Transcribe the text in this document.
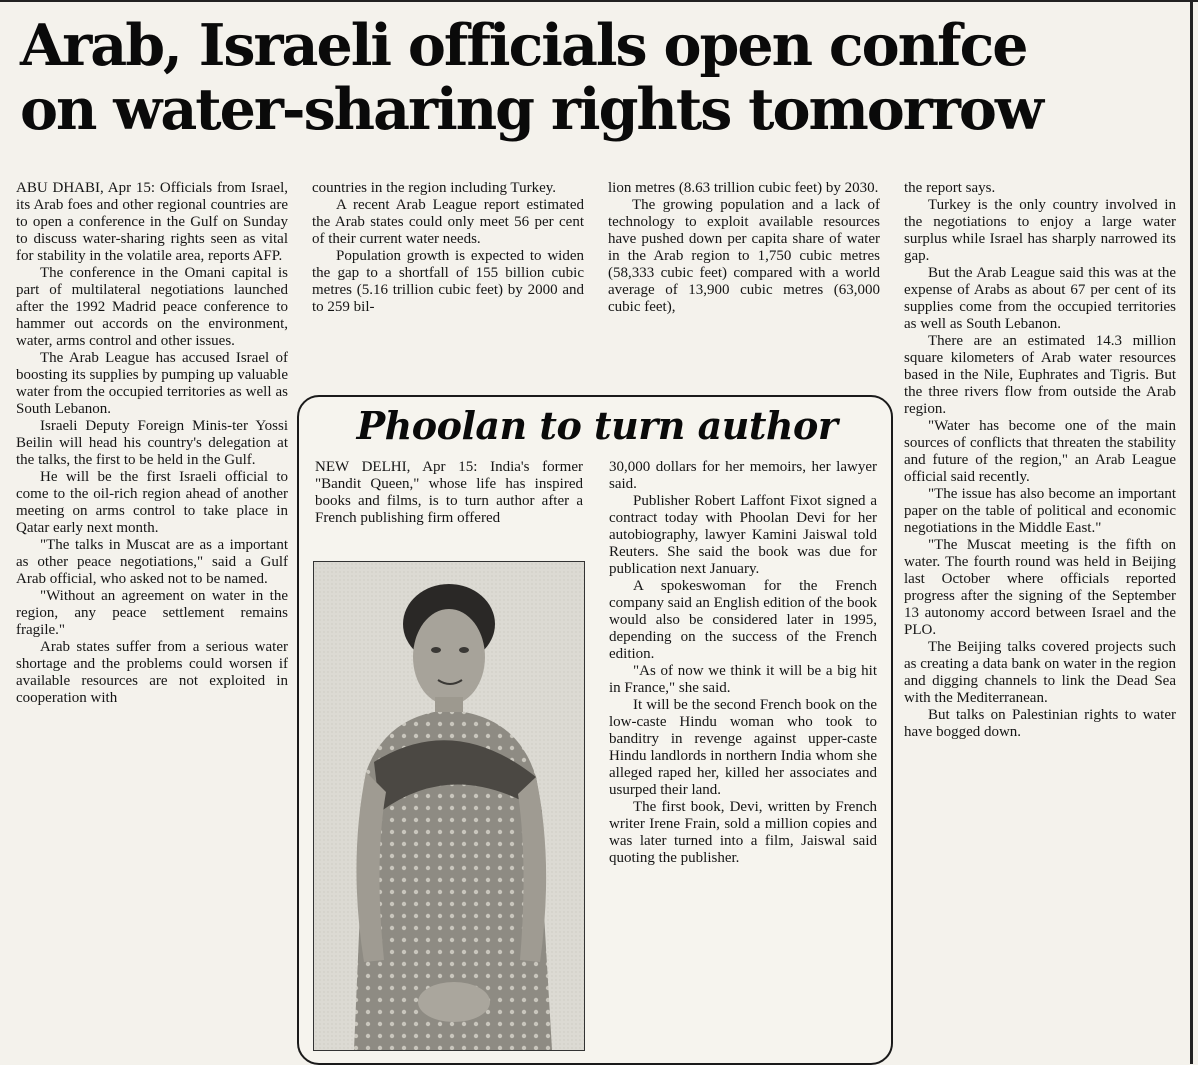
Arab, Israeli officials open confce
on water-sharing rights tomorrow

ABU DHABI, Apr 15: Officials from Israel, its Arab foes and other regional countries are to open a conference in the Gulf on Sunday to discuss water-sharing rights seen as vital for stability in the volatile area, reports AFP.

The conference in the Omani capital is part of multilateral negotiations launched after the 1992 Madrid peace conference to hammer out accords on the environment, water, arms control and other issues.

The Arab League has accused Israel of boosting its supplies by pumping up valuable water from the occupied territories as well as South Lebanon.

Israeli Deputy Foreign Minis-ter Yossi Beilin will head his country's delegation at the talks, the first to be held in the Gulf.

He will be the first Israeli official to come to the oil-rich region ahead of another meeting on arms control to take place in Qatar early next month.

"The talks in Muscat are as a important as other peace negotiations," said a Gulf Arab official, who asked not to be named.

"Without an agreement on water in the region, any peace settlement remains fragile."

Arab states suffer from a serious water shortage and the problems could worsen if available resources are not exploited in cooperation with

countries in the region including Turkey.

A recent Arab League report estimated the Arab states could only meet 56 per cent of their current water needs.

Population growth is expected to widen the gap to a shortfall of 155 billion cubic metres (5.16 trillion cubic feet) by 2000 and to 259 bil-

lion metres (8.63 trillion cubic feet) by 2030.

The growing population and a lack of technology to exploit available resources have pushed down per capita share of water in the Arab region to 1,750 cubic metres (58,333 cubic feet) compared with a world average of 13,900 cubic metres (63,000 cubic feet),

the report says.

Turkey is the only country involved in the negotiations to enjoy a large water surplus while Israel has sharply narrowed its gap.

But the Arab League said this was at the expense of Arabs as about 67 per cent of its supplies come from the occupied territories as well as South Lebanon.

There are an estimated 14.3 million square kilometers of Arab water resources based in the Nile, Euphrates and Tigris. But the three rivers flow from outside the Arab region.

"Water has become one of the main sources of conflicts that threaten the stability and future of the region," an Arab League official said recently.

"The issue has also become an important paper on the table of political and economic negotiations in the Middle East."

"The Muscat meeting is the fifth on water. The fourth round was held in Beijing last October where officials reported progress after the signing of the September 13 autonomy accord between Israel and the PLO.

The Beijing talks covered projects such as creating a data bank on water in the region and digging channels to link the Dead Sea with the Mediterranean.

But talks on Palestinian rights to water have bogged down.

Phoolan to turn author

NEW DELHI, Apr 15: India's former "Bandit Queen," whose life has inspired books and films, is to turn author after a French publishing firm offered

30,000 dollars for her memoirs, her lawyer said.

Publisher Robert Laffont Fixot signed a contract today with Phoolan Devi for her autobiography, lawyer Kamini Jaiswal told Reuters. She said the book was due for publication next January.

A spokeswoman for the French company said an English edition of the book would also be considered later in 1995, depending on the success of the French edition.

"As of now we think it will be a big hit in France," she said.

It will be the second French book on the low-caste Hindu woman who took to banditry in revenge against upper-caste Hindu landlords in northern India whom she alleged raped her, killed her associates and usurped their land.

The first book, Devi, written by French writer Irene Frain, sold a million copies and was later turned into a film, Jaiswal said quoting the publisher.
